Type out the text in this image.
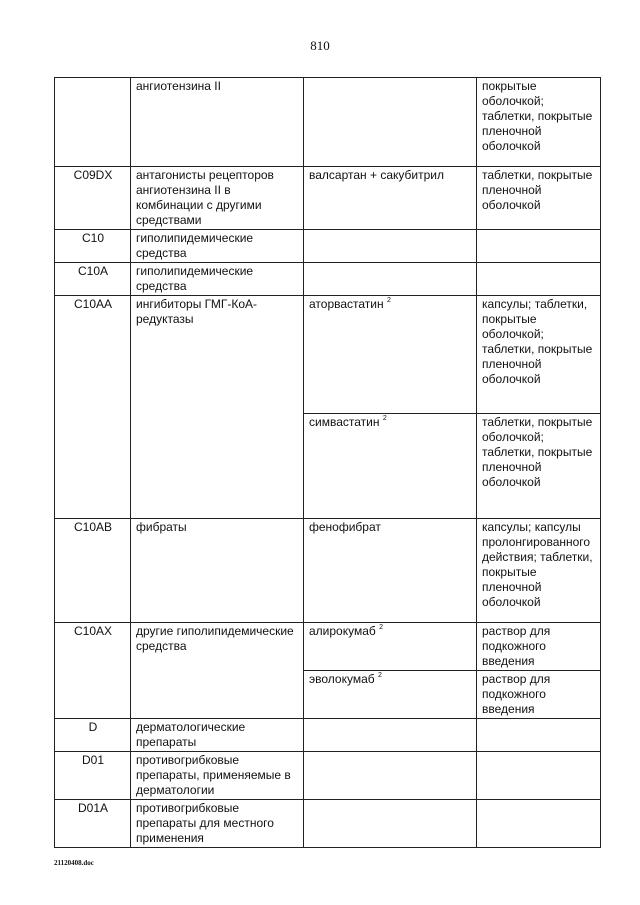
810
	ангиотензина II		покрытые оболочкой; таблетки, покрытые пленочной оболочкой
C09DX	антагонисты рецепторов ангиотензина II в комбинации с другими средствами	валсартан + сакубитрил	таблетки, покрытые пленочной оболочкой
C10	гиполипидемические средства		
C10A	гиполипидемические средства		
C10AA	ингибиторы ГМГ-КоА-редуктазы	аторвастатин $^2$	капсулы; таблетки, покрытые оболочкой; таблетки, покрытые пленочной оболочкой
		симвастатин $^2$	таблетки, покрытые оболочкой; таблетки, покрытые пленочной оболочкой
C10AB	фибраты	фенофибрат	капсулы; капсулы пролонгированного действия; таблетки, покрытые пленочной оболочкой
C10AX	другие гиполипидемические средства	алирокумаб $^2$	раствор для подкожного введения
		эволокумаб $^2$	раствор для подкожного введения
D	дерматологические препараты		
D01	противогрибковые препараты, применяемые в дерматологии		
D01A	противогрибковые препараты для местного применения		
21120408.doc
